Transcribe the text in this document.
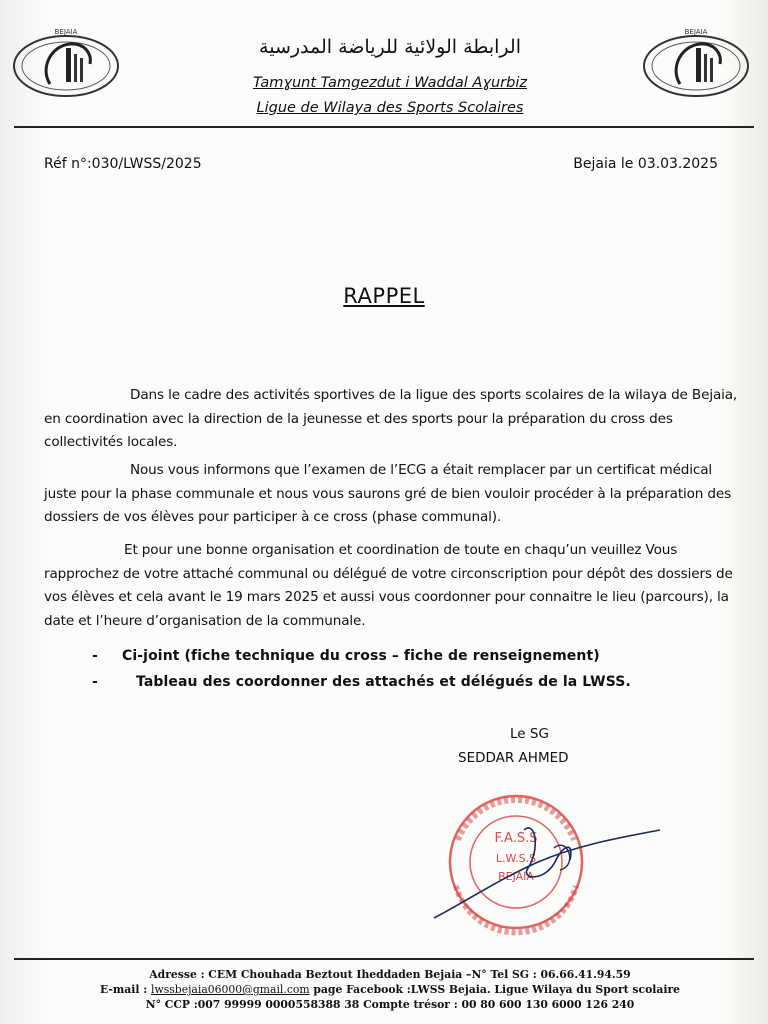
BEJAIA	BEJAIA
الرابطة الولائية للرياضة المدرسية
Tamɣunt Tamgezdut i Waddal Aɣurbiz
Ligue de Wilaya des Sports Scolaires
Réf n°:030/LWSS/2025	Bejaia le 03.03.2025
RAPPEL
Dans le cadre des activités sportives de la ligue des sports scolaires de la wilaya de Bejaia, en coordination avec la direction de la jeunesse et des sports pour la préparation du cross des collectivités locales.
Nous vous informons que l’examen de l’ECG a était remplacer par un certificat médical juste pour la phase communale et nous vous saurons gré de bien vouloir procéder à la préparation des dossiers de vos élèves pour participer à ce cross (phase communal).
Et pour une bonne organisation et coordination de toute en chaqu’un veuillez Vous rapprochez de votre attaché communal ou délégué de votre circonscription pour dépôt des dossiers de vos élèves et cela avant le 19 mars 2025 et aussi vous coordonner pour connaitre le lieu (parcours), la date et l’heure d’organisation de la communale.
- Ci-joint (fiche technique du cross – fiche de renseignement)
-	Tableau des coordonner des attachés et délégués de la LWSS.
Le SG
SEDDAR AHMED
F.A.S.S
L.W.S.S
BEJAIA
Adresse : CEM Chouhada Beztout Iheddaden Bejaia –N° Tel SG : 06.66.41.94.59
E-mail : lwssbejaia06000@gmail.com page Facebook :LWSS Bejaia. Ligue Wilaya du Sport scolaire
N° CCP :007 99999 0000558388 38 Compte trésor : 00 80 600 130 6000 126 240
